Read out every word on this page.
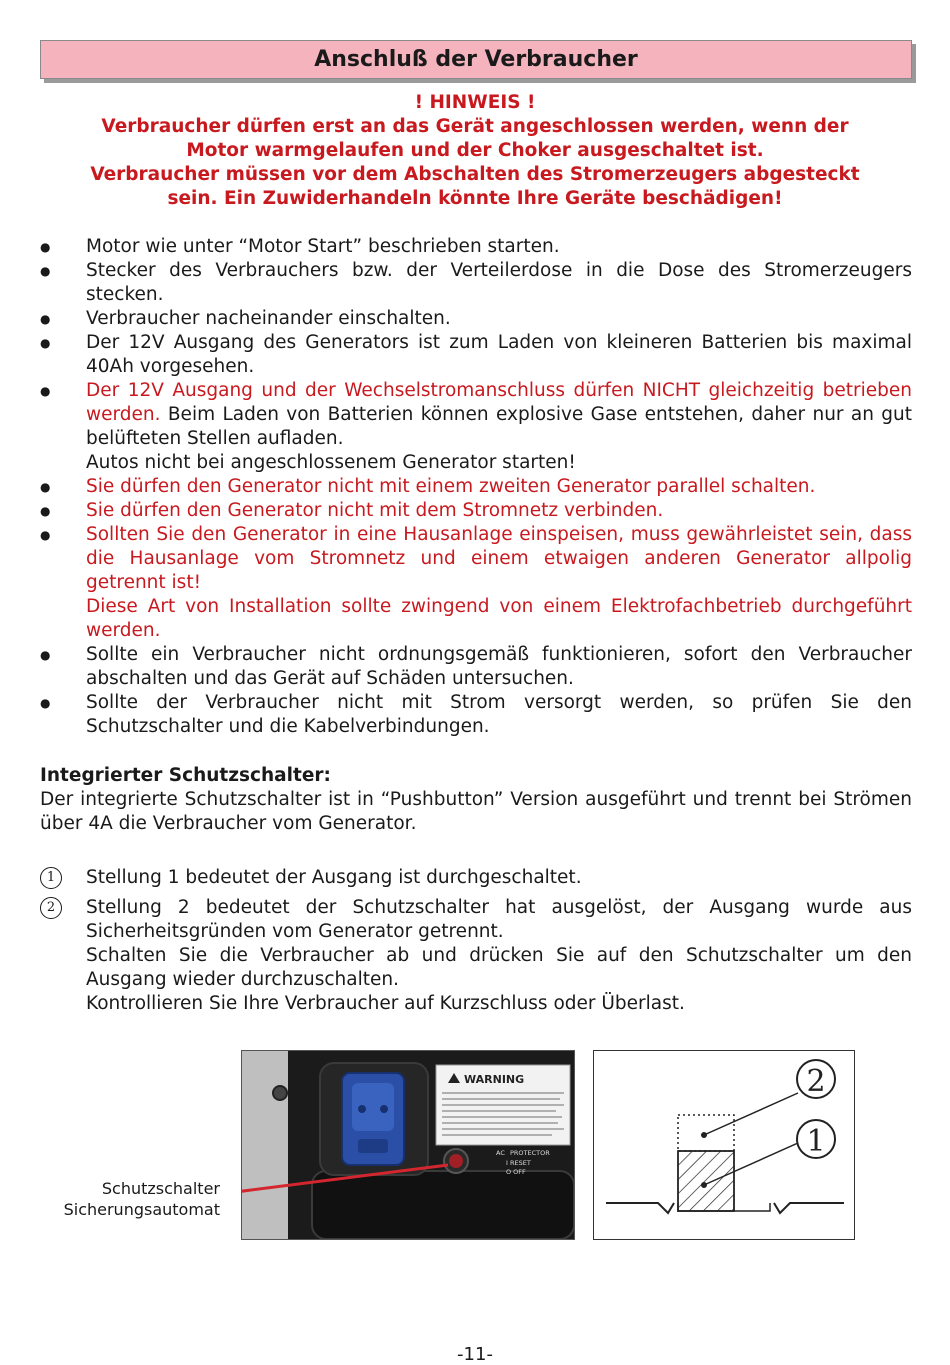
Anschluß der Verbraucher
! HINWEIS !
Verbraucher dürfen erst an das Gerät angeschlossen werden, wenn der
Motor warmgelaufen und der Choker ausgeschaltet ist.
Verbraucher müssen vor dem Abschalten des Stromerzeugers abgesteckt
sein. Ein Zuwiderhandeln könnte Ihre Geräte beschädigen!
● Motor wie unter “Motor Start” beschrieben starten.
● Stecker des Verbrauchers bzw. der Verteilerdose in die Dose des Stromerzeugers stecken.
● Verbraucher nacheinander einschalten.
● Der 12V Ausgang des Generators ist zum Laden von kleineren Batterien bis maximal 40Ah vorgesehen.
● Der 12V Ausgang und der Wechselstromanschluss dürfen NICHT gleichzeitig betrieben werden. Beim Laden von Batterien können explosive Gase entstehen, daher nur an gut belüfteten Stellen aufladen.
Autos nicht bei angeschlossenem Generator starten!
● Sie dürfen den Generator nicht mit einem zweiten Generator parallel schalten.
● Sie dürfen den Generator nicht mit dem Stromnetz verbinden.
● Sollten Sie den Generator in eine Hausanlage einspeisen, muss gewährleistet sein, dass die Hausanlage vom Stromnetz und einem etwaigen anderen Generator allpolig getrennt ist!
Diese Art von Installation sollte zwingend von einem Elektrofachbetrieb durchgeführt werden.
● Sollte ein Verbraucher nicht ordnungsgemäß funktionieren, sofort den Verbraucher abschalten und das Gerät auf Schäden untersuchen.
● Sollte der Verbraucher nicht mit Strom versorgt werden, so prüfen Sie den Schutzschalter und die Kabelverbindungen.
Integrierter Schutzschalter:

Der integrierte Schutzschalter ist in “Pushbutton” Version ausgeführt und trennt bei Strömen über 4A die Verbraucher vom Generator.

1	Stellung 1 bedeutet der Ausgang ist durchgeschaltet.
2	Stellung 2 bedeutet der Schutzschalter hat ausgelöst, der Ausgang wurde aus Sicherheitsgründen vom Generator getrennt.
Schalten Sie die Verbraucher ab und drücken Sie auf den Schutzschalter um den Ausgang wieder durchzuschalten.
Kontrollieren Sie Ihre Verbraucher auf Kurzschluss oder Überlast.
WARNING
AC PROTECTOR
I RESET
O OFF
Schutzschalter
Sicherungsautomat
2
1
-11-
